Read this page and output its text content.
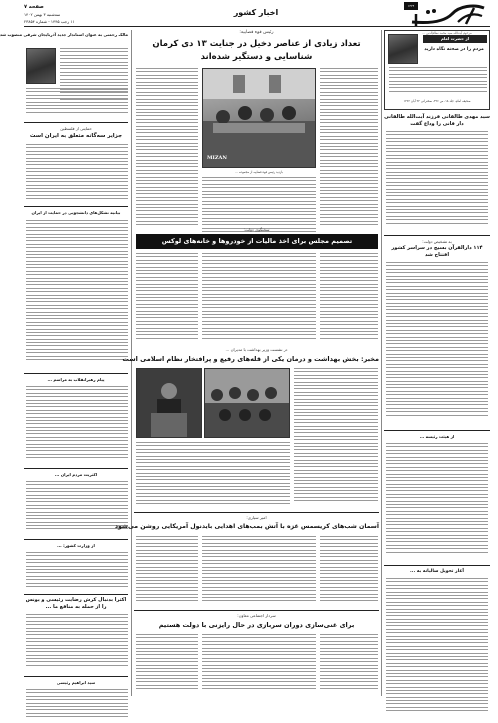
صفحه ۷
سه‌شنبه ۳ بهمن ۱۴۰۲
۱۱ رجب ۱۴۴۵ - شماره ۲۳۸۵۴
اخبار کشور
۱۳۲۴
مرحوم آیت‌الله سید محمد نظام‌الدین ...
مالک رحمتی به عنوان استاندار جدید آذربایجان شرقی منصوب شد
حمایتی از فلسطین
جزایر سه‌گانه متعلق به ایران است
بیانیه تشکل‌های دانشجویی در حمایت از ایران
پیام رهبرانقلاب به مراسم ...
اکثریت مردم ایران ...
از وزارت کشور: ...
اکثرا بدنبال کرش رضایت رئیسی و یونس را از حمله به منافع ما ...
سید ابراهیم رئیسی
از حضرت امام
مردم را در صحنه نگاه دارید
صحیفه امام، جلد ۱۸، ص ۴۹۶، سخنرانی ۲۲ آبان ۱۳۶۲
سید مهدی طالقانی فرزند آیت‌الله طالقانی دار فانی را وداع گفت
به تشخیص دولت:
۱۱۴ دارالقرآن بسیج در سراسر کشور افتتاح شد
از هیئت رئیسه ...
آغاز تحویل سالیانه به ...
رئیس قوه قضاییه:
تعداد زیادی از عناصر دخیل در جنایت ۱۳ دی کرمان شناسایی و دستگیر شده‌اند
MIZAN
بازدید رئیس قوه قضاییه از مجموعه ...
سخنگوی دولت:
تصمیم مجلس برای اخذ مالیات از خودروها و خانه‌های لوکس
در نشست وزیر بهداشت با مدیران ...
مخبر: بخش بهداشت و درمان یکی از قله‌های رفیع و پرافتخار نظام اسلامی است
امیر سیاری:
آسمان شب‌های کریسمس غزه با آتش بمب‌های اهدایی بایدنول آمریکایی روشن می‌شود
سردار اجتماعی معاون:
برای غنی‌سازی دوران سربازی در حال رایزنی با دولت هستیم
